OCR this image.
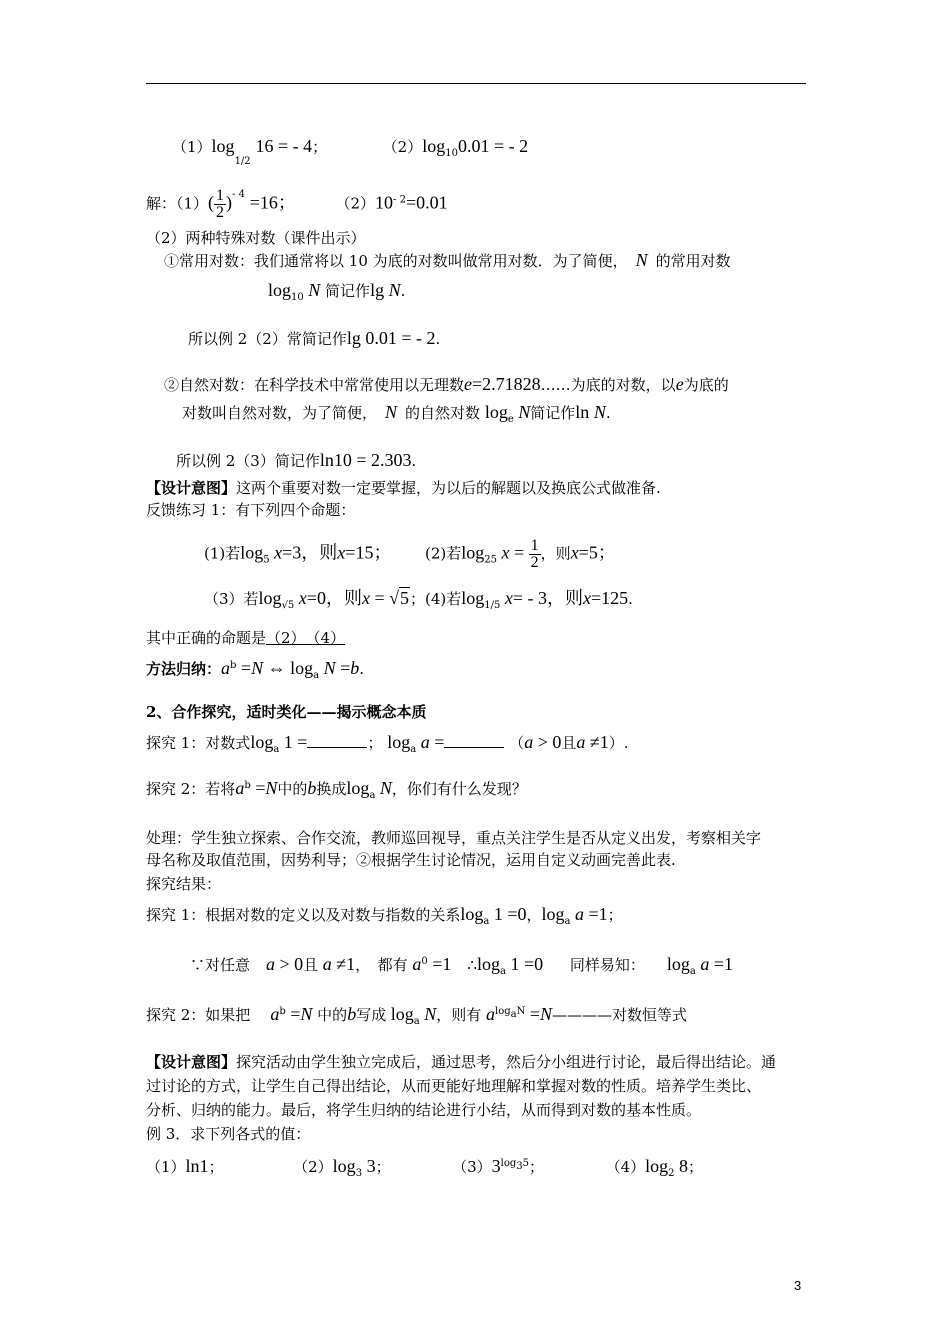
$(1)\log_{1/2}$ 16 = - 4；	$(2)\log_{10}0.01$ = - 2
解：$(1)( \frac{1}{2} )^{- 4} =16$；	$(2)10^{- 2}=0.01$
（2）两种特殊对数（课件出示）
①常用对数：我们通常将以 10 为底的对数叫做常用对数．为了简便， N 的常用对数
$\log_{10} N$ 简记作lg N.
所以例 2（2）常简记作lg 0.01 = - 2.
②自然对数：在科学技术中常常使用以无理数e=2.71828……为底的对数，以e为底的
对数叫自然对数，为了简便， N 的自然对数 $\log_e N$简记作ln N.
所以例 2（3）简记作ln10 = 2.303.
【设计意图】这两个重要对数一定要掌握，为以后的解题以及换底公式做准备.
反馈练习 1：有下列四个命题：
(1)若$\log_5 x=3$，则x=15； (2)若$\log_{25} x = \frac{1}{2}$ ，则x=5；
（3）若$\log_{√5} x=0$，则x = √5；(4)若$\log_{1/5} x= - 3$，则x=125.
其中正确的命题是（2）　（4）
方法归纳：$a^b =N$ ⇔ $\log_a N =b$.
2、合作探究，适时类化——揭示概念本质
探究 1：对数式$\log_a 1$ =	； $\log_a a$ =	（a > 0且a ≠1）.
探究 2：若将$a^b =N$中的b换成$\log_a N$，你们有什么发现？
处理：学生独立探索、合作交流，教师巡回视导，重点关注学生是否从定义出发，考察相关字
母名称及取值范围，因势利导；②根据学生讨论情况，运用自定义动画完善此表.
探究结果：
探究 1：根据对数的定义以及对数与指数的关系$\log_a 1 =0$，$\log_a a =1$；
∵对任意 a > 0且 a ≠1，　都有 $a^0 =1$ $\therefore\log_a$ 1 =0 同样易知： $\log_a a =1$
探究 2：如果把 $a^b =N$ 中的b写成 $\log_a N$，则有 $a^{log_aN}$ =N————对数恒等式
【设计意图】探究活动由学生独立完成后，通过思考，然后分小组进行讨论，最后得出结论。通
过讨论的方式，让学生自己得出结论，从而更能好地理解和掌握对数的性质。培养学生类比、
分析、归纳的能力。最后，将学生归纳的结论进行小结，从而得到对数的基本性质。
例 3．求下列各式的值：
（1）ln1；	$(2)\log_3$ 3；	$(3)3^{log_35}$；	$(4)\log_2$ 8；
3
